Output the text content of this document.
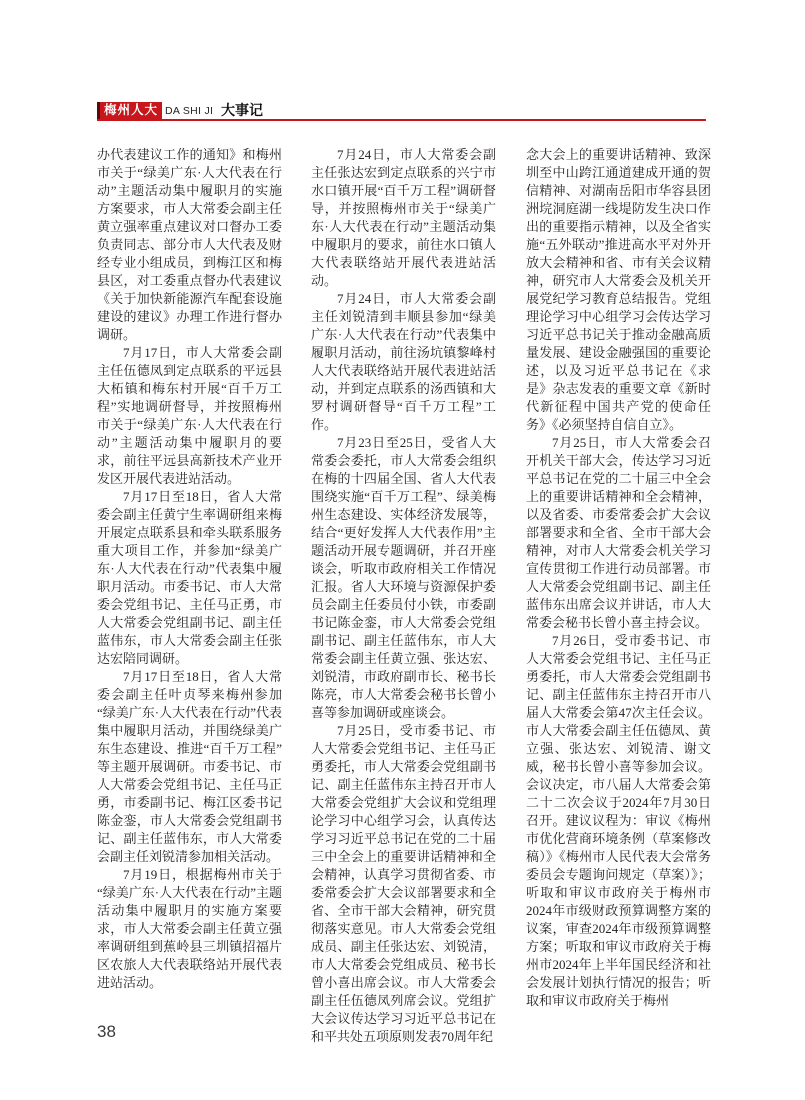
梅州人大 DA SHI JI 大事记

办代表建议工作的通知》和梅州市关于“绿美广东·人大代表在行动”主题活动集中履职月的实施方案要求，市人大常委会副主任黄立强率重点建议对口督办工委负责同志、部分市人大代表及财经专业小组成员，到梅江区和梅县区，对工委重点督办代表建议《关于加快新能源汽车配套设施建设的建议》办理工作进行督办调研。

7月17日，市人大常委会副主任伍德凤到定点联系的平远县大柘镇和梅东村开展“百千万工程”实地调研督导，并按照梅州市关于“绿美广东·人大代表在行动”主题活动集中履职月的要求，前往平远县高新技术产业开发区开展代表进站活动。

7月17日至18日，省人大常委会副主任黄宁生率调研组来梅开展定点联系县和牵头联系服务重大项目工作，并参加“绿美广东·人大代表在行动”代表集中履职月活动。市委书记、市人大常委会党组书记、主任马正勇，市人大常委会党组副书记、副主任蓝伟东，市人大常委会副主任张达宏陪同调研。

7月17日至18日，省人大常委会副主任叶贞琴来梅州参加“绿美广东·人大代表在行动”代表集中履职月活动，并围绕绿美广东生态建设、推进“百千万工程”等主题开展调研。市委书记、市人大常委会党组书记、主任马正勇，市委副书记、梅江区委书记陈金銮，市人大常委会党组副书记、副主任蓝伟东，市人大常委会副主任刘锐清参加相关活动。

7月19日，根据梅州市关于“绿美广东·人大代表在行动”主题活动集中履职月的实施方案要求，市人大常委会副主任黄立强率调研组到蕉岭县三圳镇招福片区农旅人大代表联络站开展代表进站活动。

7月24日，市人大常委会副主任张达宏到定点联系的兴宁市水口镇开展“百千万工程”调研督导，并按照梅州市关于“绿美广东·人大代表在行动”主题活动集中履职月的要求，前往水口镇人大代表联络站开展代表进站活动。

7月24日，市人大常委会副主任刘锐清到丰顺县参加“绿美广东·人大代表在行动”代表集中履职月活动，前往汤坑镇黎峰村人大代表联络站开展代表进站活动，并到定点联系的汤西镇和大罗村调研督导“百千万工程”工作。

7月23日至25日，受省人大常委会委托，市人大常委会组织在梅的十四届全国、省人大代表围绕实施“百千万工程”、绿美梅州生态建设、实体经济发展等，结合“更好发挥人大代表作用”主题活动开展专题调研，并召开座谈会，听取市政府相关工作情况汇报。省人大环境与资源保护委员会副主任委员付小铁，市委副书记陈金銮，市人大常委会党组副书记、副主任蓝伟东，市人大常委会副主任黄立强、张达宏、刘锐清，市政府副市长、秘书长陈亮，市人大常委会秘书长曾小喜等参加调研或座谈会。

7月25日，受市委书记、市人大常委会党组书记、主任马正勇委托，市人大常委会党组副书记、副主任蓝伟东主持召开市人大常委会党组扩大会议和党组理论学习中心组学习会，认真传达学习习近平总书记在党的二十届三中全会上的重要讲话精神和全会精神，认真学习贯彻省委、市委常委会扩大会议部署要求和全省、全市干部大会精神，研究贯彻落实意见。市人大常委会党组成员、副主任张达宏、刘锐清，市人大常委会党组成员、秘书长曾小喜出席会议。市人大常委会副主任伍德凤列席会议。党组扩大会议传达学习习近平总书记在和平共处五项原则发表70周年纪

念大会上的重要讲话精神、致深圳至中山跨江通道建成开通的贺信精神、对湖南岳阳市华容县团洲垸洞庭湖一线堤防发生决口作出的重要指示精神，以及全省实施“五外联动”推进高水平对外开放大会精神和省、市有关会议精神，研究市人大常委会及机关开展党纪学习教育总结报告。党组理论学习中心组学习会传达学习习近平总书记关于推动金融高质量发展、建设金融强国的重要论述，以及习近平总书记在《求是》杂志发表的重要文章《新时代新征程中国共产党的使命任务》《必须坚持自信自立》。

7月25日，市人大常委会召开机关干部大会，传达学习习近平总书记在党的二十届三中全会上的重要讲话精神和全会精神，以及省委、市委常委会扩大会议部署要求和全省、全市干部大会精神，对市人大常委会机关学习宣传贯彻工作进行动员部署。市人大常委会党组副书记、副主任蓝伟东出席会议并讲话，市人大常委会秘书长曾小喜主持会议。

7月26日，受市委书记、市人大常委会党组书记、主任马正勇委托，市人大常委会党组副书记、副主任蓝伟东主持召开市八届人大常委会第47次主任会议。市人大常委会副主任伍德凤、黄立强、张达宏、刘锐清、谢文威，秘书长曾小喜等参加会议。会议决定，市八届人大常委会第二十二次会议于2024年7月30日召开。建议议程为：审议《梅州市优化营商环境条例（草案修改稿）》《梅州市人民代表大会常务委员会专题询问规定（草案）》；听取和审议市政府关于梅州市2024年市级财政预算调整方案的议案，审查2024年市级预算调整方案；听取和审议市政府关于梅州市2024年上半年国民经济和社会发展计划执行情况的报告；听取和审议市政府关于梅州

38
